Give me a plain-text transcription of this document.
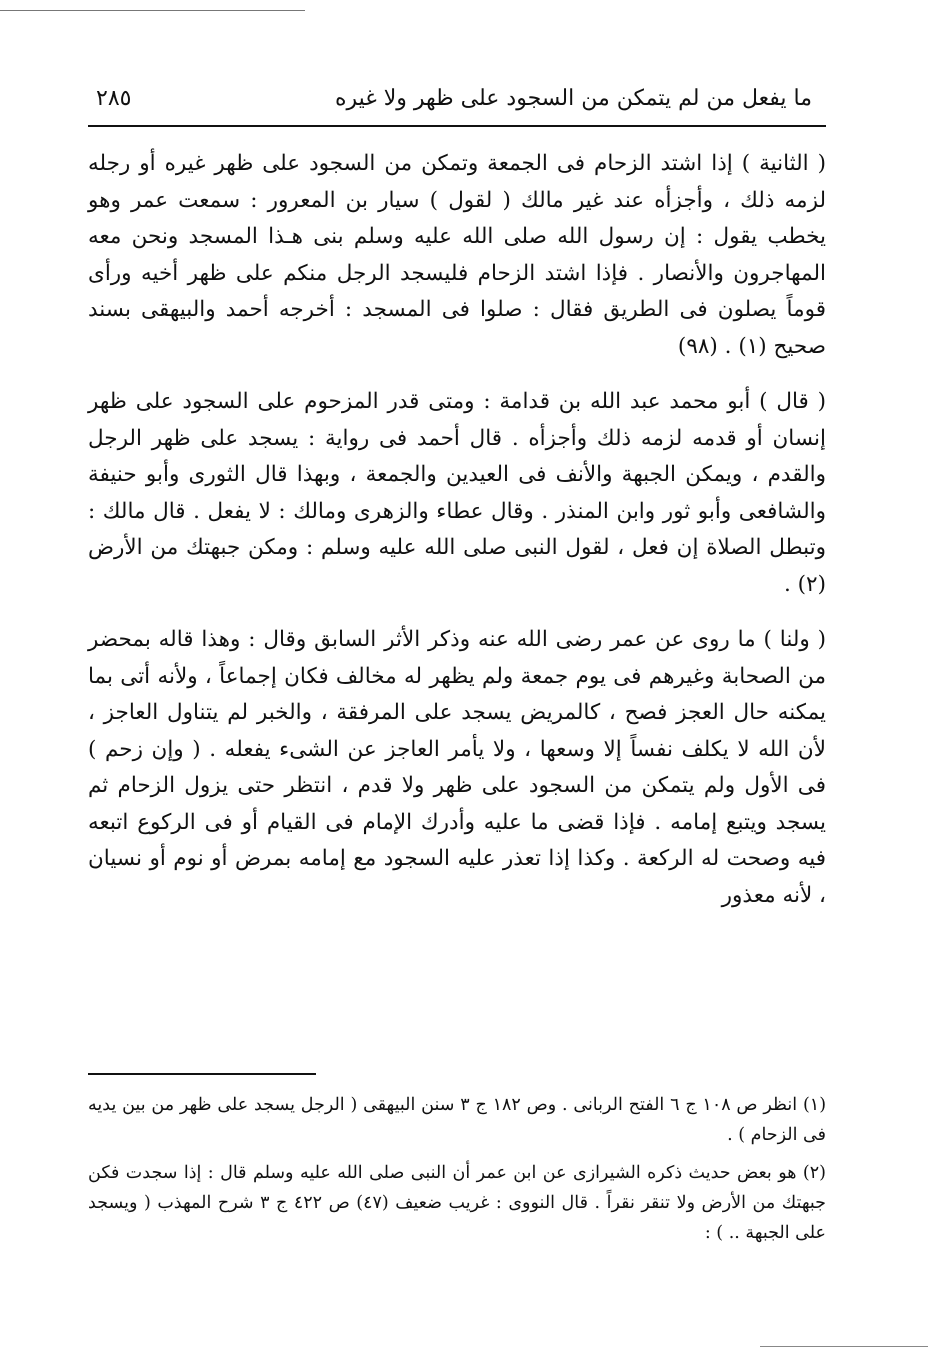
ما يفعل من لم يتمكن من السجود على ظهر ولا غيره
٢٨٥

( الثانية ) إذا اشتد الزحام فى الجمعة وتمكن من السجود على ظهر غيره أو رجله لزمه ذلك ، وأجزأه عند غير مالك ( لقول ) سيار بن المعرور : سمعت عمر وهو يخطب يقول : إن رسول الله صلى الله عليه وسلم بنى هـذا المسجد ونحن معه المهاجرون والأنصار . فإذا اشتد الزحام فليسجد الرجل منكم على ظهر أخيه ورأى قوماً يصلون فى الطريق فقال : صلوا فى المسجد : أخرجه أحمد والبيهقى بسند صحيح (١) . (٩٨)

( قال ) أبو محمد عبد الله بن قدامة : ومتى قدر المزحوم على السجود على ظهر إنسان أو قدمه لزمه ذلك وأجزأه . قال أحمد فى رواية : يسجد على ظهر الرجل والقدم ، ويمكن الجبهة والأنف فى العيدين والجمعة ، وبهذا قال الثورى وأبو حنيفة والشافعى وأبو ثور وابن المنذر . وقال عطاء والزهرى ومالك : لا يفعل . قال مالك : وتبطل الصلاة إن فعل ، لقول النبى صلى الله عليه وسلم : ومكن جبهتك من الأرض (٢) .

( ولنا ) ما روى عن عمر رضى الله عنه وذكر الأثر السابق وقال : وهذا قاله بمحضر من الصحابة وغيرهم فى يوم جمعة ولم يظهر له مخالف فكان إجماعاً ، ولأنه أتى بما يمكنه حال العجز فصح ، كالمريض يسجد على المرفقة ، والخبر لم يتناول العاجز ، لأن الله لا يكلف نفساً إلا وسعها ، ولا يأمر العاجز عن الشىء يفعله . ( وإن زحم ) فى الأول ولم يتمكن من السجود على ظهر ولا قدم ، انتظر حتى يزول الزحام ثم يسجد ويتبع إمامه . فإذا قضى ما عليه وأدرك الإمام فى القيام أو فى الركوع اتبعه فيه وصحت له الركعة . وكذا إذا تعذر عليه السجود مع إمامه بمرض أو نوم أو نسيان ، لأنه معذور

(١) انظر ص ١٠٨ ج ٦ الفتح الربانى . وص ١٨٢ ج ٣ سنن البيهقى ( الرجل يسجد على ظهر من بين يديه فى الزحام ) .

(٢) هو بعض حديث ذكره الشيرازى عن ابن عمر أن النبى صلى الله عليه وسلم قال : إذا سجدت فكن جبهتك من الأرض ولا تنقر نقراً . قال النووى : غريب ضعيف (٤٧) ص ٤٢٢ ج ٣ شرح المهذب ( ويسجد على الجبهة .. ) :
